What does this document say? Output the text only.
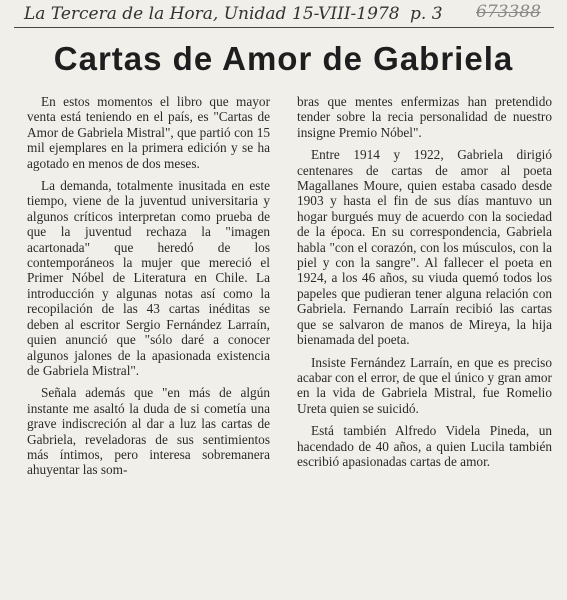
La Tercera de la Hora, Unidad 15-VIII-1978 p. 3 673388
Cartas de Amor de Gabriela

En estos momentos el libro que mayor venta está teniendo en el país, es "Cartas de Amor de Gabriela Mistral", que partió con 15 mil ejemplares en la primera edición y se ha agotado en menos de dos meses.

La demanda, totalmente inusitada en este tiempo, viene de la juventud universitaria y algunos críticos interpretan como prueba de que la juventud rechaza la "imagen acartonada" que heredó de los contemporáneos la mujer que mereció el Primer Nóbel de Literatura en Chile. La introducción y algunas notas así como la recopilación de las 43 cartas inéditas se deben al escritor Sergio Fernández Larraín, quien anunció que "sólo daré a conocer algunos jalones de la apasionada existencia de Gabriela Mistral".

Señala además que "en más de algún instante me asaltó la duda de si cometía una grave indiscreción al dar a luz las cartas de Gabriela, reveladoras de sus sentimientos más íntimos, pero interesa sobremanera ahuyentar las som-

bras que mentes enfermizas han pretendido tender sobre la recia personalidad de nuestro insigne Premio Nóbel".

Entre 1914 y 1922, Gabriela dirigió centenares de cartas de amor al poeta Magallanes Moure, quien estaba casado desde 1903 y hasta el fin de sus días mantuvo un hogar burgués muy de acuerdo con la sociedad de la época. En su correspondencia, Gabriela habla "con el corazón, con los músculos, con la piel y con la sangre". Al fallecer el poeta en 1924, a los 46 años, su viuda quemó todos los papeles que pudieran tener alguna relación con Gabriela. Fernando Larraín recibió las cartas que se salvaron de manos de Mireya, la hija bienamada del poeta.

Insiste Fernández Larraín, en que es preciso acabar con el error, de que el único y gran amor en la vida de Gabriela Mistral, fue Romelio Ureta quien se suicidó.

Está también Alfredo Videla Pineda, un hacendado de 40 años, a quien Lucila también escribió apasionadas cartas de amor.
